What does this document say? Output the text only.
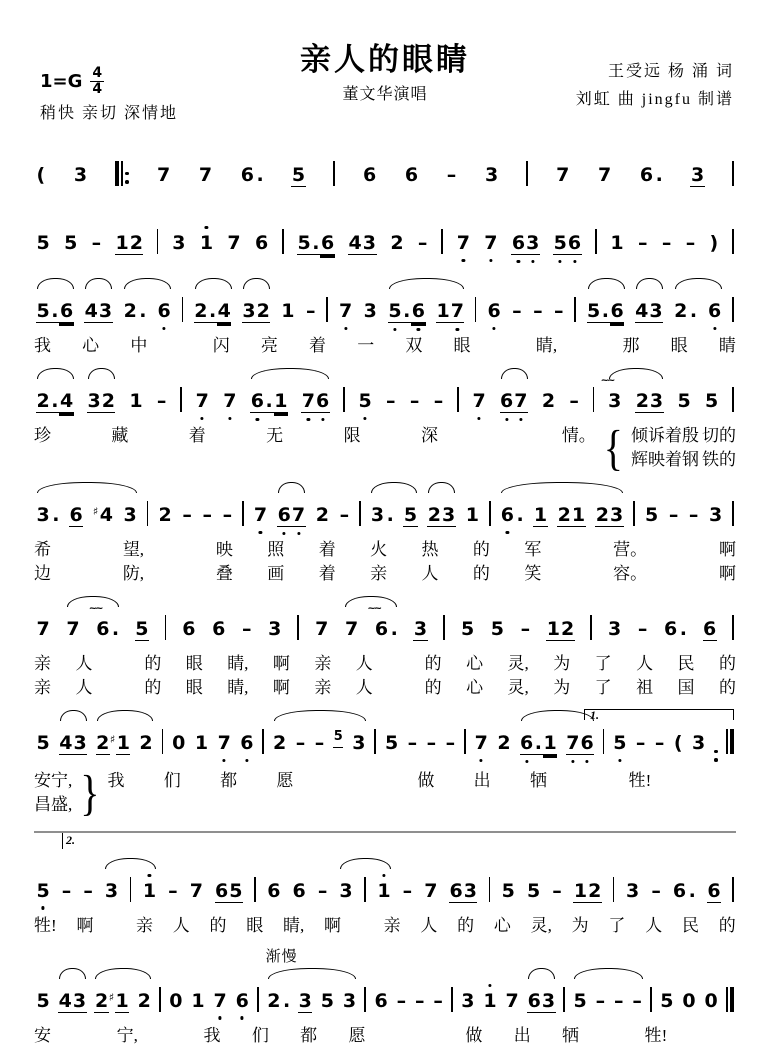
亲人的眼睛
董文华演唱
$1=G \frac{4}{4}$
稍快 亲切 深情地
王受远 杨 涌 词
刘虹 曲 jingfu 制谱
( 3	7 7 6 . 5	6 6 – 3	7 7 6 . 3
5 5 – 1 2 3 1 7 6 5 . 6 4 3 2 – 7 7 6 3 5 6 1 – – – )
5 . 6 4 3 2 . 6 2 . 4 3 2 1 – 7 3 5 . 6 1 7 6 – – – 5 . 6 4 3 2 . 6
我 心 中	闪 亮 着 一 双 眼	睛,	那 眼 睛
2 . 4 3 2 1 – 7 7 6 . 1 7 6 5 – – – 7 6 7 2 – 3
~~
2 3 5 5
珍	藏	着	无	限	深	情。 { 倾 诉 着 殷 切 的
辉 映 着 钢 铁 的
3 . 6 ♯4 3 2 – – – 7 6 7 2 – 3 . 5 2 3 1 6 . 1 2 1 2 3 5 – – 3
希	望,	映 照 着 火 热 的 军	营。	啊
边	防,	叠 画 着 亲 人 的 笑	容。	啊
7 7 6 .
~~
5 6 6 – 3 7 7 6 .
~~
3 5 5 – 1 2 3 – 6 . 6
亲 人	的 眼 睛, 啊 亲 人	的 心 灵, 为 了 人 民 的
亲 人	的 眼 睛, 啊 亲 人	的 心 灵, 为 了 祖 国 的
5 4 3 2 ♯1 2 0 1 7 6 2 – – 5 3 5 – – – 7 2 6 . 1 7 6 5 – – ( 3
1.
安 宁,
昌 盛, } 我 们 都 愿	做 出 牺	牲!
2.
5 – – 3 1 – 7 6 5 6 6 – 3 1 – 7 6 3 5 5 – 1 2 3 – 6 . 6
牲! 啊	亲 人 的 眼 睛, 啊	亲 人 的 心 灵, 为 了 人 民 的
渐慢
5 4 3 2 ♯1 2 0 1 7 6 2 . 3 5 3 6 – – – 3 1 7 6 3 5 – – – 5 0 0
安	宁,	我 们 都 愿	做 出 牺	牲!
